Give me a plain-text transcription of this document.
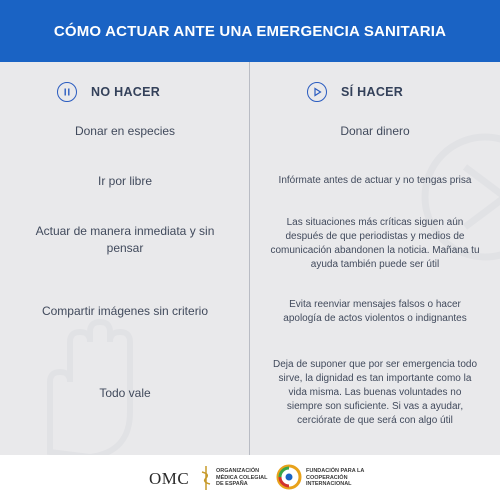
CÓMO ACTUAR ANTE UNA EMERGENCIA SANITARIA
NO HACER
Donar en especies
Ir por libre
Actuar de manera inmediata y sin pensar
Compartir imágenes sin criterio
Todo vale
SÍ HACER
Donar dinero
Infórmate antes de actuar y no tengas prisa
Las situaciones más críticas siguen aún después de que periodistas y medios de comunicación abandonen la noticia. Mañana tu ayuda también puede ser útil
Evita reenviar mensajes falsos o hacer apología de actos violentos o indignantes
Deja de suponer que por ser emergencia todo sirve, la dignidad es tan importante como la vida misma. Las buenas voluntades no siempre son suficiente. Si vas a ayudar, cerciórate de que será con algo útil
OMC	ORGANIZACIÓN
MÉDICA COLEGIAL
DE ESPAÑA
FUNDACIÓN PARA LA
COOPERACIÓN
INTERNACIONAL
